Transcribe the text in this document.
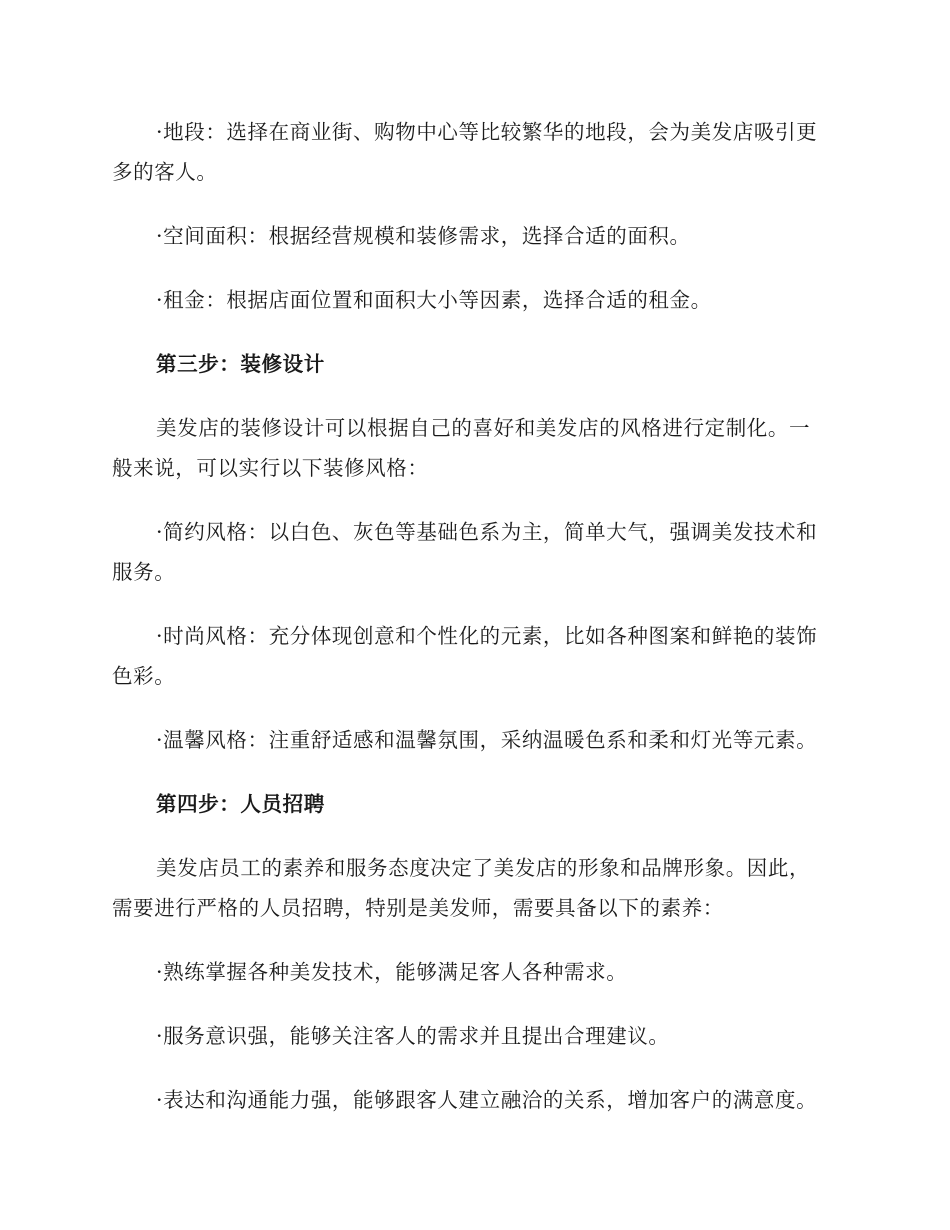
·地段：选择在商业街、购物中心等比较繁华的地段，会为美发店吸引更多的客人。

·空间面积：根据经营规模和装修需求，选择合适的面积。

·租金：根据店面位置和面积大小等因素，选择合适的租金。

第三步：装修设计

美发店的装修设计可以根据自己的喜好和美发店的风格进行定制化。一般来说，可以实行以下装修风格：

·简约风格：以白色、灰色等基础色系为主，简单大气，强调美发技术和服务。

·时尚风格：充分体现创意和个性化的元素，比如各种图案和鲜艳的装饰色彩。

·温馨风格：注重舒适感和温馨氛围，采纳温暖色系和柔和灯光等元素。

第四步：人员招聘

美发店员工的素养和服务态度决定了美发店的形象和品牌形象。因此，需要进行严格的人员招聘，特别是美发师，需要具备以下的素养：

·熟练掌握各种美发技术，能够满足客人各种需求。

·服务意识强，能够关注客人的需求并且提出合理建议。

·表达和沟通能力强，能够跟客人建立融洽的关系，增加客户的满意度。
